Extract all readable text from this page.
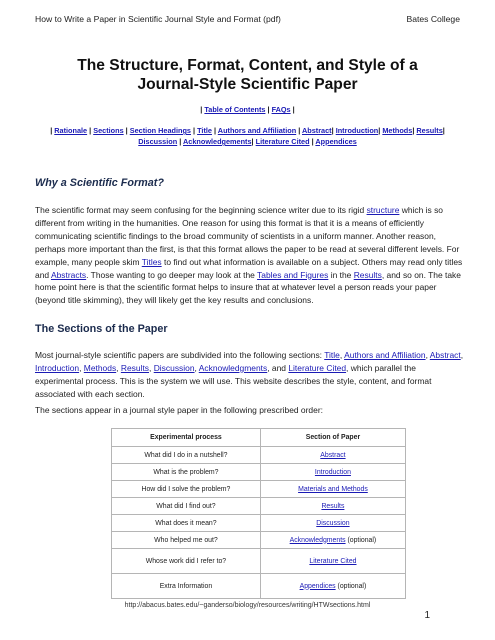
How to Write a Paper in Scientific Journal Style and Format (pdf)	Bates College
The Structure, Format, Content, and Style of a
Journal-Style Scientific Paper
| Table of Contents | FAQs |
| Rationale | Sections | Section Headings | Title | Authors and Affiliation | Abstract| Introduction| Methods| Results|
Discussion | Acknowledgements| Literature Cited | Appendices
Why a Scientific Format?
The scientific format may seem confusing for the beginning science writer due to its rigid structure which is so different from writing in the humanities. One reason for using this format is that it is a means of efficiently communicating scientific findings to the broad community of scientists in a uniform manner. Another reason, perhaps more important than the first, is that this format allows the paper to be read at several different levels. For example, many people skim Titles to find out what information is available on a subject. Others may read only titles and Abstracts. Those wanting to go deeper may look at the Tables and Figures in the Results, and so on. The take home point here is that the scientific format helps to insure that at whatever level a person reads your paper (beyond title skimming), they will likely get the key results and conclusions.
The Sections of the Paper
Most journal-style scientific papers are subdivided into the following sections: Title, Authors and Affiliation, Abstract, Introduction, Methods, Results, Discussion, Acknowledgments, and Literature Cited, which parallel the experimental process. This is the system we will use. This website describes the style, content, and format associated with each section.
The sections appear in a journal style paper in the following prescribed order:
Experimental process	Section of Paper
What did I do in a nutshell?	Abstract
What is the problem?	Introduction
How did I solve the problem?	Materials and Methods
What did I find out?	Results
What does it mean?	Discussion
Who helped me out?	Acknowledgments (optional)
Whose work did I refer to?	Literature Cited
Extra Information	Appendices (optional)
http://abacus.bates.edu/~ganderso/biology/resources/writing/HTWsections.html
1
